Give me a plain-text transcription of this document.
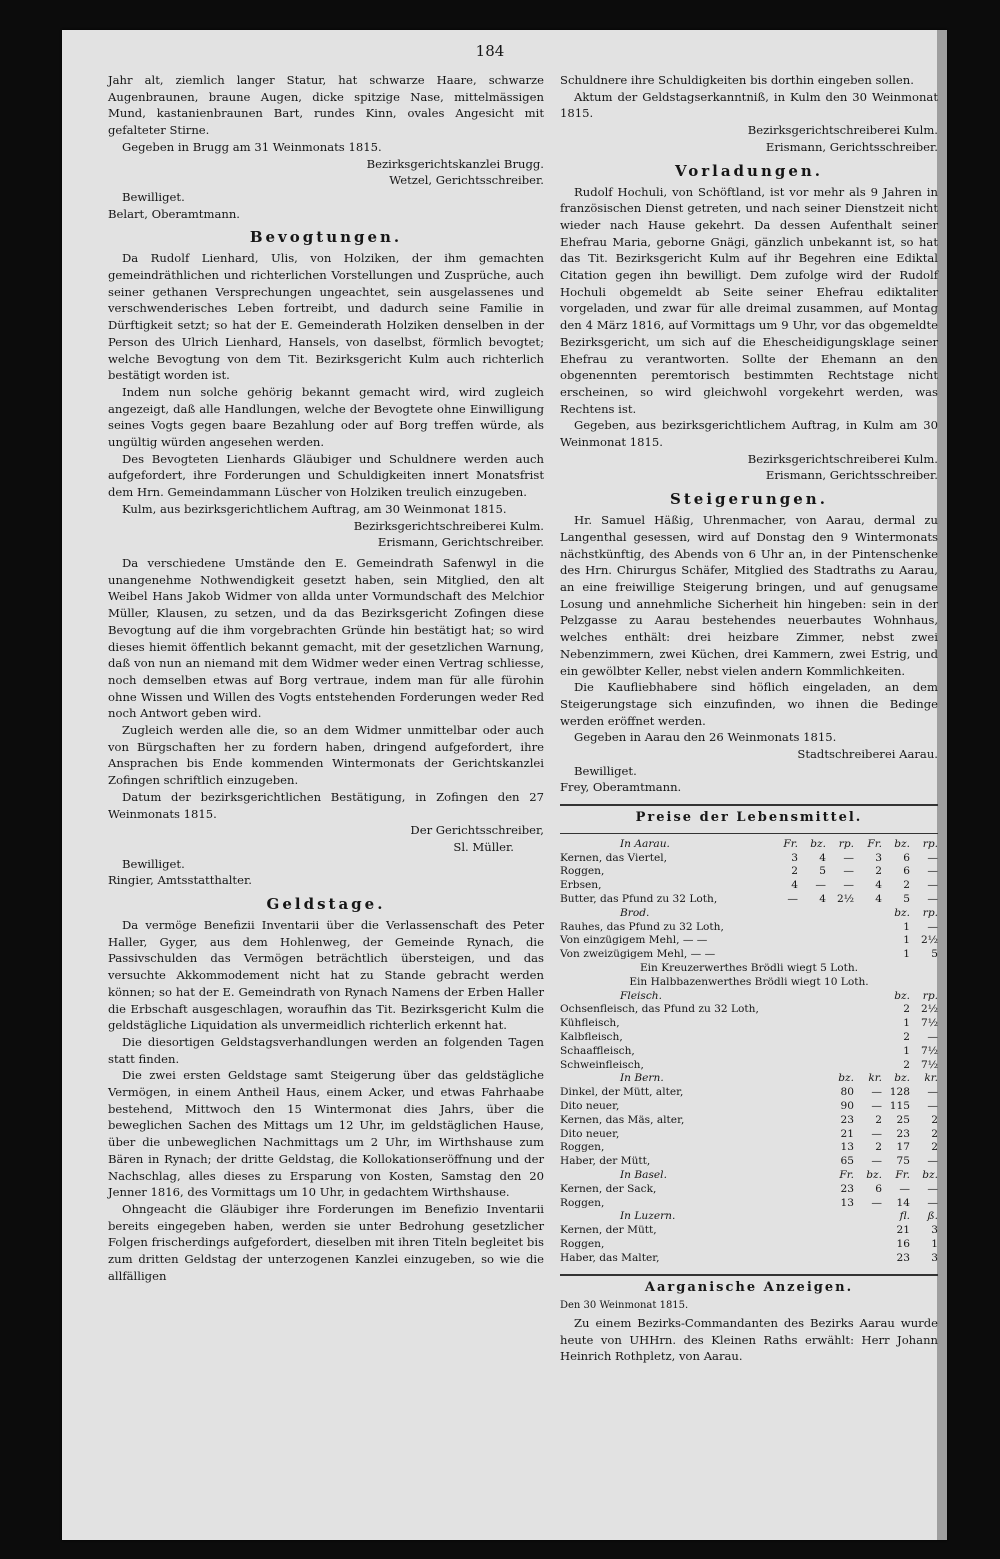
184

Jahr alt, ziemlich langer Statur, hat schwarze Haare, schwarze Augenbraunen, braune Augen, dicke spitzige Nase, mittelmässigen Mund, kastanienbraunen Bart, rundes Kinn, ovales Angesicht mit gefalteter Stirne.

Gegeben in Brugg am 31 Weinmonats 1815.

Bezirksgerichtskanzlei Brugg.

Wetzel, Gerichtsschreiber.

Bewilliget.

Belart, Oberamtmann.

Bevogtungen.

Da Rudolf Lienhard, Ulis, von Holziken, der ihm gemachten gemeindräthlichen und richterlichen Vorstellungen und Zusprüche, auch seiner gethanen Versprechungen ungeachtet, sein ausgelassenes und verschwenderisches Leben fortreibt, und dadurch seine Familie in Dürftigkeit setzt; so hat der E. Gemeinderath Holziken denselben in der Person des Ulrich Lienhard, Hansels, von daselbst, förmlich bevogtet; welche Bevogtung von dem Tit. Bezirksgericht Kulm auch richterlich bestätigt worden ist.

Indem nun solche gehörig bekannt gemacht wird, wird zugleich angezeigt, daß alle Handlungen, welche der Bevogtete ohne Einwilligung seines Vogts gegen baare Bezahlung oder auf Borg treffen würde, als ungültig würden angesehen werden.

Des Bevogteten Lienhards Gläubiger und Schuldnere werden auch aufgefordert, ihre Forderungen und Schuldigkeiten innert Monatsfrist dem Hrn. Gemeindammann Lüscher von Holziken treulich einzugeben.

Kulm, aus bezirksgerichtlichem Auftrag, am 30 Weinmonat 1815.

Bezirksgerichtschreiberei Kulm.

Erismann, Gerichtschreiber.

Da verschiedene Umstände den E. Gemeindrath Safenwyl in die unangenehme Nothwendigkeit gesetzt haben, sein Mitglied, den alt Weibel Hans Jakob Widmer von allda unter Vormundschaft des Melchior Müller, Klausen, zu setzen, und da das Bezirksgericht Zofingen diese Bevogtung auf die ihm vorgebrachten Gründe hin bestätigt hat; so wird dieses hiemit öffentlich bekannt gemacht, mit der gesetzlichen Warnung, daß von nun an niemand mit dem Widmer weder einen Vertrag schliesse, noch demselben etwas auf Borg vertraue, indem man für alle fürohin ohne Wissen und Willen des Vogts entstehenden Forderungen weder Red noch Antwort geben wird.

Zugleich werden alle die, so an dem Widmer unmittelbar oder auch von Bürgschaften her zu fordern haben, dringend aufgefordert, ihre Ansprachen bis Ende kommenden Wintermonats der Gerichtskanzlei Zofingen schriftlich einzugeben.

Datum der bezirksgerichtlichen Bestätigung, in Zofingen den 27 Weinmonats 1815.

Der Gerichtsschreiber,

Sl. Müller.

Bewilliget.

Ringier, Amtsstatthalter.

Geldstage.

Da vermöge Benefizii Inventarii über die Verlassenschaft des Peter Haller, Gyger, aus dem Hohlenweg, der Gemeinde Rynach, die Passivschulden das Vermögen beträchtlich übersteigen, und das versuchte Akkommodement nicht hat zu Stande gebracht werden können; so hat der E. Gemeindrath von Rynach Namens der Erben Haller die Erbschaft ausgeschlagen, woraufhin das Tit. Bezirksgericht Kulm die geldstägliche Liquidation als unvermeidlich richterlich erkennt hat.

Die diesortigen Geldstagsverhandlungen werden an folgenden Tagen statt finden.

Die zwei ersten Geldstage samt Steigerung über das geldstägliche Vermögen, in einem Antheil Haus, einem Acker, und etwas Fahrhaabe bestehend, Mittwoch den 15 Wintermonat dies Jahrs, über die beweglichen Sachen des Mittags um 12 Uhr, im geldstäglichen Hause, über die unbeweglichen Nachmittags um 2 Uhr, im Wirthshause zum Bären in Rynach; der dritte Geldstag, die Kollokationseröffnung und der Nachschlag, alles dieses zu Ersparung von Kosten, Samstag den 20 Jenner 1816, des Vormittags um 10 Uhr, in gedachtem Wirthshause.

Ohngeacht die Gläubiger ihre Forderungen im Benefizio Inventarii bereits eingegeben haben, werden sie unter Bedrohung gesetzlicher Folgen frischerdings aufgefordert, dieselben mit ihren Titeln begleitet bis zum dritten Geldstag der unterzogenen Kanzlei einzugeben, so wie die allfälligen

Schuldnere ihre Schuldigkeiten bis dorthin eingeben sollen.

Aktum der Geldstagserkanntniß, in Kulm den 30 Weinmonat 1815.

Bezirksgerichtschreiberei Kulm.

Erismann, Gerichtsschreiber.

Vorladungen.

Rudolf Hochuli, von Schöftland, ist vor mehr als 9 Jahren in französischen Dienst getreten, und nach seiner Dienstzeit nicht wieder nach Hause gekehrt. Da dessen Aufenthalt seiner Ehefrau Maria, geborne Gnägi, gänzlich unbekannt ist, so hat das Tit. Bezirksgericht Kulm auf ihr Begehren eine Ediktal Citation gegen ihn bewilligt. Dem zufolge wird der Rudolf Hochuli obgemeldt ab Seite seiner Ehefrau ediktaliter vorgeladen, und zwar für alle dreimal zusammen, auf Montag den 4 März 1816, auf Vormittags um 9 Uhr, vor das obgemeldte Bezirksgericht, um sich auf die Ehescheidigungsklage seiner Ehefrau zu verantworten. Sollte der Ehemann an den obgenennten peremtorisch bestimmten Rechtstage nicht erscheinen, so wird gleichwohl vorgekehrt werden, was Rechtens ist.

Gegeben, aus bezirksgerichtlichem Auftrag, in Kulm am 30 Weinmonat 1815.

Bezirksgerichtschreiberei Kulm.

Erismann, Gerichtsschreiber.

Steigerungen.

Hr. Samuel Häßig, Uhrenmacher, von Aarau, dermal zu Langenthal gesessen, wird auf Donstag den 9 Wintermonats nächstkünftig, des Abends von 6 Uhr an, in der Pintenschenke des Hrn. Chirurgus Schäfer, Mitglied des Stadtraths zu Aarau, an eine freiwillige Steigerung bringen, und auf genugsame Losung und annehmliche Sicherheit hin hingeben: sein in der Pelzgasse zu Aarau bestehendes neuerbautes Wohnhaus, welches enthält: drei heizbare Zimmer, nebst zwei Nebenzimmern, zwei Küchen, drei Kammern, zwei Estrig, und ein gewölbter Keller, nebst vielen andern Kommlichkeiten.

Die Kaufliebhabere sind höflich eingeladen, an dem Steigerungstage sich einzufinden, wo ihnen die Bedinge werden eröffnet werden.

Gegeben in Aarau den 26 Weinmonats 1815.

Stadtschreiberei Aarau.

Bewilliget.

Frey, Oberamtmann.

Preise der Lebensmittel.
In Aarau.	Fr.	bz.	rp.	Fr.	bz.	rp.
Kernen, das Viertel,	3	4	—	3	6	—
Roggen,	2	5	—	2	6	—
Erbsen,	4	—	—	4	2	—
Butter, das Pfund zu 32 Loth,	—	4	2½	4	5	—
Brod.	bz.	rp.
Rauhes, das Pfund zu 32 Loth,	1	—
Von einzügigem Mehl, — —	1	2½
Von zweizügigem Mehl, — —	1	5

Ein Kreuzerwerthes Brödli wiegt 5 Loth.

Ein Halbbazenwerthes Brödli wiegt 10 Loth.

Fleisch.	bz.	rp.
Ochsenfleisch, das Pfund zu 32 Loth,	2	2½
Kühfleisch,	1	7½
Kalbfleisch,	2	—
Schaaffleisch,	1	7½
Schweinfleisch,	2	7½
In Bern.	bz.	kr.	bz.	kr.
Dinkel, der Mütt, alter,	80	—	128	—
Dito neuer,	90	—	115	—
Kernen, das Mäs, alter,	23	2	25	2
Dito neuer,	21	—	23	2
Roggen,	13	2	17	2
Haber, der Mütt,	65	—	75	—
In Basel.	Fr.	bz.	Fr.	bz.
Kernen, der Sack,	23	6	—	—
Roggen,	13	—	14	—
In Luzern.	fl.	ß.
Kernen, der Mütt,	21	3
Roggen,	16	1
Haber, das Malter,	23	3
Aarganische Anzeigen.

Den 30 Weinmonat 1815.

Zu einem Bezirks-Commandanten des Bezirks Aarau wurde heute von UHHrn. des Kleinen Raths erwählt: Herr Johann Heinrich Rothpletz, von Aarau.
